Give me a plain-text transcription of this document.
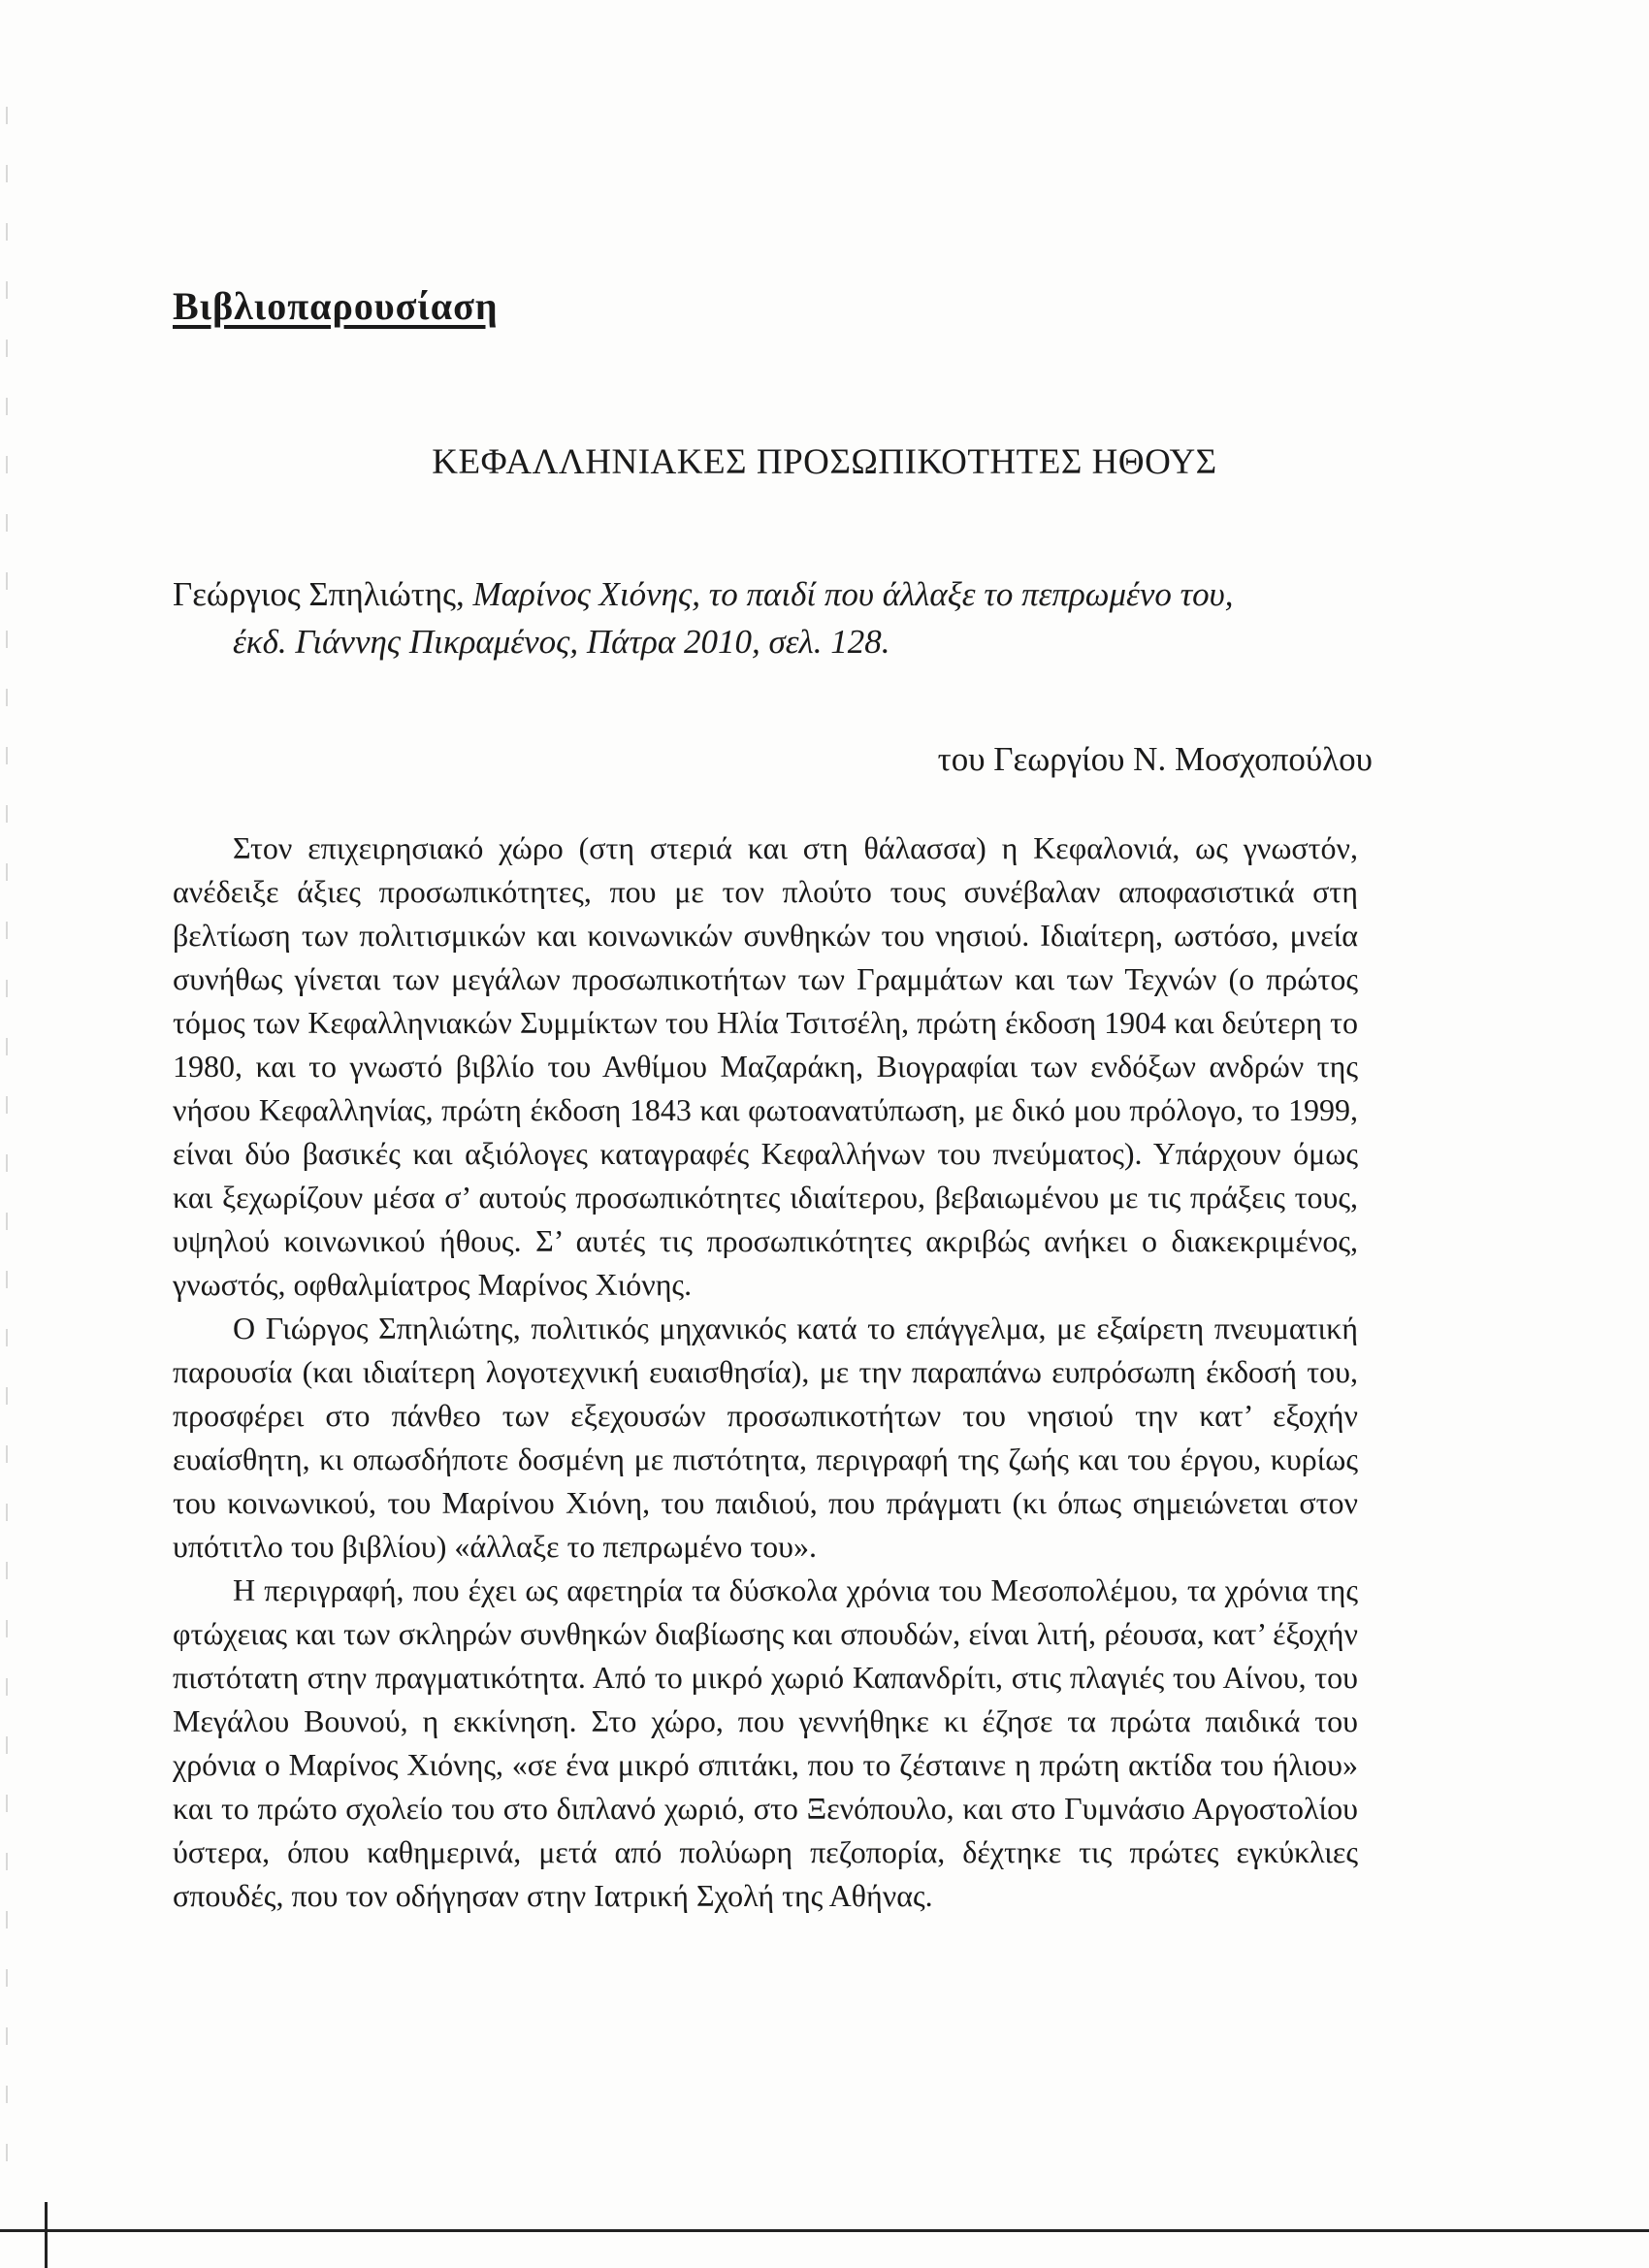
Βιβλιοπαρουσίαση
ΚΕΦΑΛΛΗΝΙΑΚΕΣ ΠΡΟΣΩΠΙΚΟΤΗΤΕΣ ΗΘΟΥΣ
Γεώργιος Σπηλιώτης, Μαρίνος Χιόνης, το παιδί που άλλαξε το πεπρωμένο του,
έκδ. Γιάννης Πικραμένος, Πάτρα 2010, σελ. 128.
του Γεωργίου Ν. Μοσχοπούλου

Στον επιχειρησιακό χώρο (στη στεριά και στη θάλασσα) η Κεφαλονιά, ως γνωστόν, ανέδειξε άξιες προσωπικότητες, που με τον πλούτο τους συνέβαλαν αποφασιστικά στη βελτίωση των πολιτισμικών και κοινωνικών συνθηκών του νησιού. Ιδιαίτερη, ωστόσο, μνεία συνήθως γίνεται των μεγάλων προσωπικοτήτων των Γραμμάτων και των Τεχνών (ο πρώτος τόμος των Κεφαλληνιακών Συμμίκτων του Ηλία Τσιτσέλη, πρώτη έκδοση 1904 και δεύτερη το 1980, και το γνωστό βιβλίο του Ανθίμου Μαζαράκη, Βιογραφίαι των ενδόξων ανδρών της νήσου Κεφαλληνίας, πρώτη έκδοση 1843 και φωτοανατύπωση, με δικό μου πρόλογο, το 1999, είναι δύο βασικές και αξιόλογες καταγραφές Κεφαλλήνων του πνεύματος). Υπάρχουν όμως και ξεχωρίζουν μέσα σ’ αυτούς προσωπικότητες ιδιαίτερου, βεβαιωμένου με τις πράξεις τους, υψηλού κοινωνικού ήθους. Σ’ αυτές τις προσωπικότητες ακριβώς ανήκει ο διακεκριμένος, γνωστός, οφθαλμίατρος Μαρίνος Χιόνης.

Ο Γιώργος Σπηλιώτης, πολιτικός μηχανικός κατά το επάγγελμα, με εξαίρετη πνευματική παρουσία (και ιδιαίτερη λογοτεχνική ευαισθησία), με την παραπάνω ευπρόσωπη έκδοσή του, προσφέρει στο πάνθεο των εξεχουσών προσωπικοτήτων του νησιού την κατ’ εξοχήν ευαίσθητη, κι οπωσδήποτε δοσμένη με πιστότητα, περιγραφή της ζωής και του έργου, κυρίως του κοινωνικού, του Μαρίνου Χιόνη, του παιδιού, που πράγματι (κι όπως σημειώνεται στον υπότιτλο του βιβλίου) «άλλαξε το πεπρωμένο του».

Η περιγραφή, που έχει ως αφετηρία τα δύσκολα χρόνια του Μεσοπολέμου, τα χρόνια της φτώχειας και των σκληρών συνθηκών διαβίωσης και σπουδών, είναι λιτή, ρέουσα, κατ’ έξοχήν πιστότατη στην πραγματικότητα. Από το μικρό χωριό Καπανδρίτι, στις πλαγιές του Αίνου, του Μεγάλου Βουνού, η εκκίνηση. Στο χώρο, που γεννήθηκε κι έζησε τα πρώτα παιδικά του χρόνια ο Μαρίνος Χιόνης, «σε ένα μικρό σπιτάκι, που το ζέσταινε η πρώτη ακτίδα του ήλιου» και το πρώτο σχολείο του στο διπλανό χωριό, στο Ξενόπουλο, και στο Γυμνάσιο Αργοστολίου ύστερα, όπου καθημερινά, μετά από πολύωρη πεζοπορία, δέχτηκε τις πρώτες εγκύκλιες σπουδές, που τον οδήγησαν στην Ιατρική Σχολή της Αθήνας.
